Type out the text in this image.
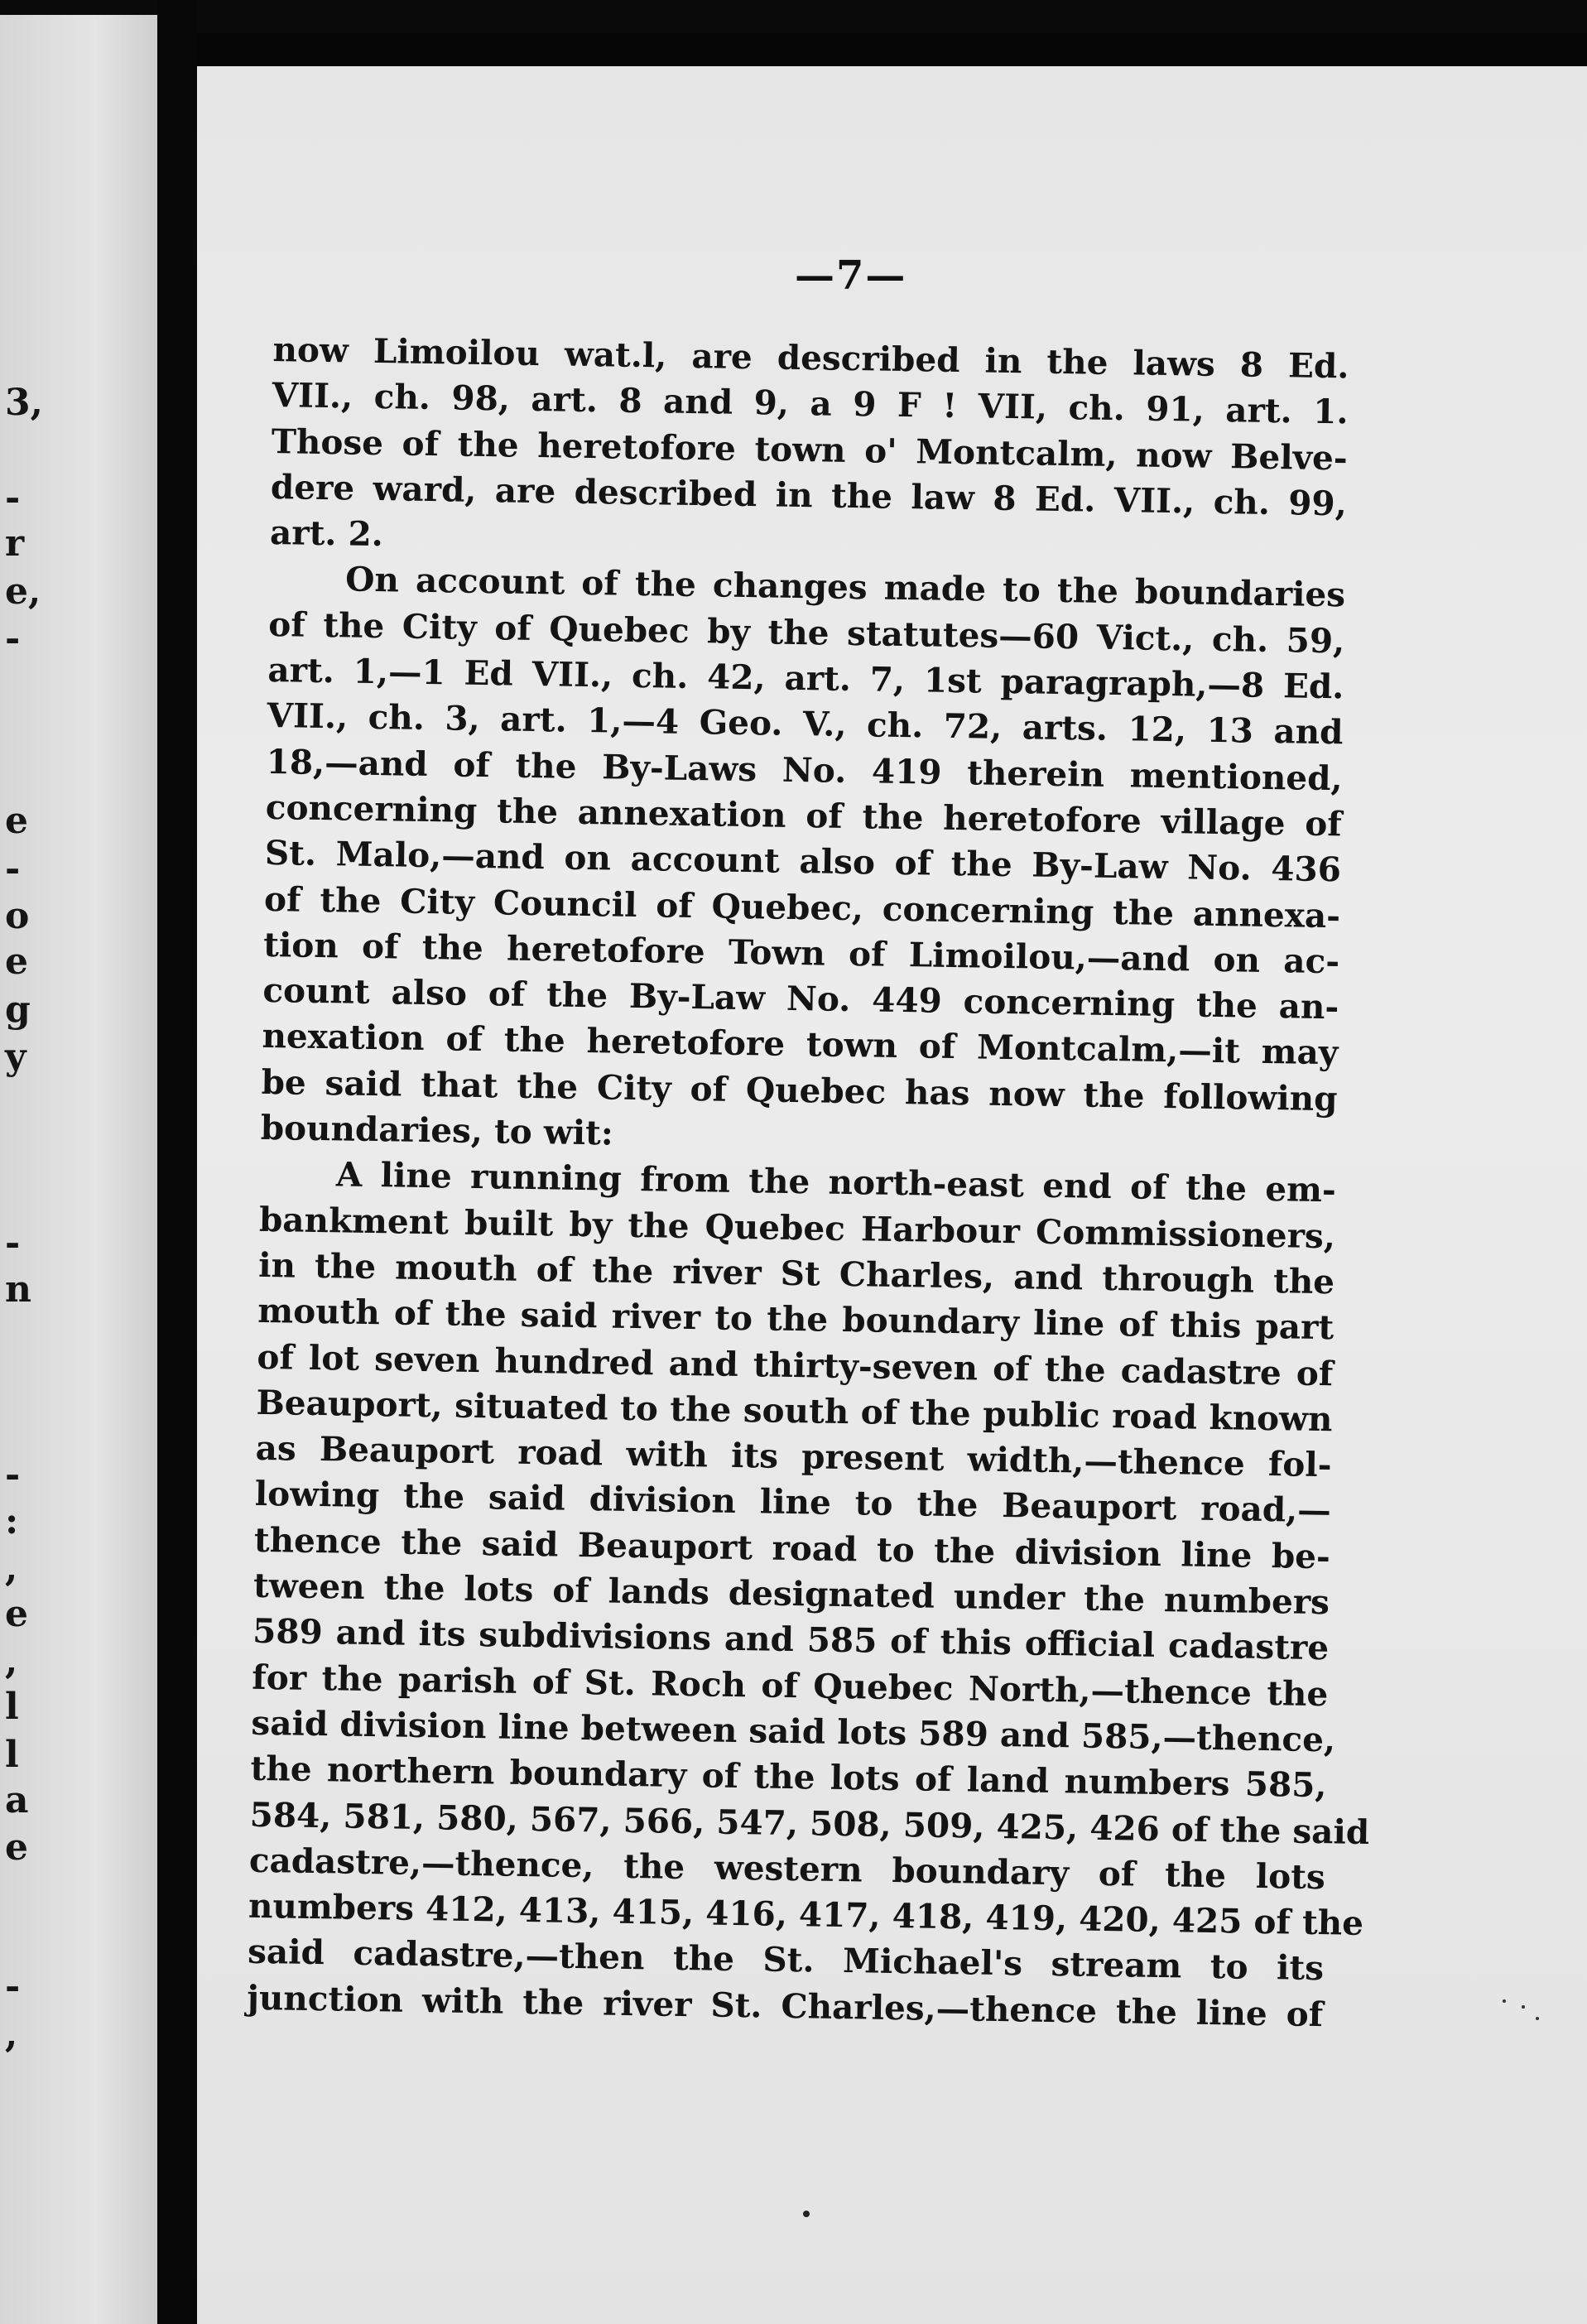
3,
-
r
e,
-
e
-
o
e
g
y
-
n
-
:
,
e
,
l
l
a
e
-
,
—7—
now Limoilou wat.l, are described in the laws 8 Ed.
VII., ch. 98, art. 8 and 9, a 9 F ! VII, ch. 91, art. 1.
Those of the heretofore town o' Montcalm, now Belve-
dere ward, are described in the law 8 Ed. VII., ch. 99,
art. 2.
On account of the changes made to the boundaries
of the City of Quebec by the statutes—60 Vict., ch. 59,
art. 1,—1 Ed VII., ch. 42, art. 7, 1st paragraph,—8 Ed.
VII., ch. 3, art. 1,—4 Geo. V., ch. 72, arts. 12, 13 and
18,—and of the By-Laws No. 419 therein mentioned,
concerning the annexation of the heretofore village of
St. Malo,—and on account also of the By-Law No. 436
of the City Council of Quebec, concerning the annexa-
tion of the heretofore Town of Limoilou,—and on ac-
count also of the By-Law No. 449 concerning the an-
nexation of the heretofore town of Montcalm,—it may
be said that the City of Quebec has now the following
boundaries, to wit:
A line running from the north-east end of the em-
bankment built by the Quebec Harbour Commissioners,
in the mouth of the river St Charles, and through the
mouth of the said river to the boundary line of this part
of lot seven hundred and thirty-seven of the cadastre of
Beauport, situated to the south of the public road known
as Beauport road with its present width,—thence fol-
lowing the said division line to the Beauport road,—
thence the said Beauport road to the division line be-
tween the lots of lands designated under the numbers
589 and its subdivisions and 585 of this official cadastre
for the parish of St. Roch of Quebec North,—thence the
said division line between said lots 589 and 585,—thence,
the northern boundary of the lots of land numbers 585,
584, 581, 580, 567, 566, 547, 508, 509, 425, 426 of the said
cadastre,—thence, the western boundary of the lots
numbers 412, 413, 415, 416, 417, 418, 419, 420, 425 of the
said cadastre,—then the St. Michael's stream to its
junction with the river St. Charles,—thence the line of
